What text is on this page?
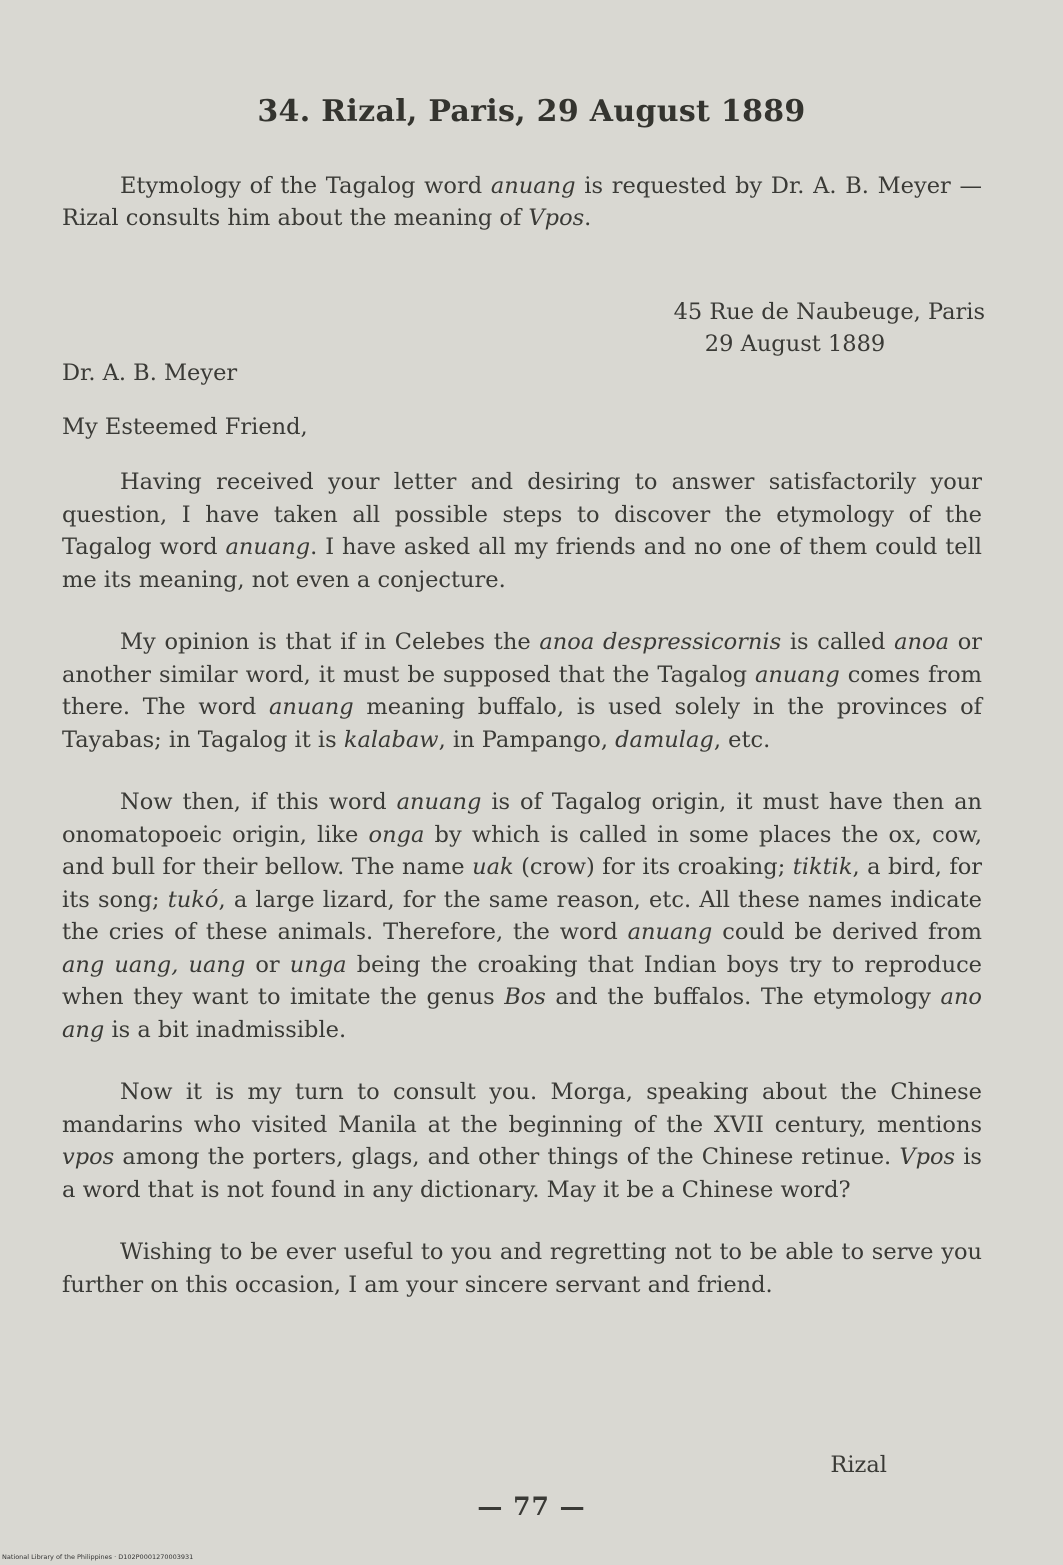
34. Rizal, Paris, 29 August 1889
Etymology of the Tagalog word anuang is requested by Dr. A. B. Meyer — Rizal consults him about the meaning of Vpos.
45 Rue de Naubeuge, Paris
29 August 1889
Dr. A. B. Meyer
My Esteemed Friend,

Having received your letter and desiring to answer satisfactorily your question, I have taken all possible steps to discover the etymology of the Tagalog word anuang. I have asked all my friends and no one of them could tell me its meaning, not even a conjecture.

My opinion is that if in Celebes the anoa despressicornis is called anoa or another similar word, it must be supposed that the Tagalog anuang comes from there. The word anuang meaning buffalo, is used solely in the provinces of Tayabas; in Tagalog it is kalabaw, in Pampango, damulag, etc.

Now then, if this word anuang is of Tagalog origin, it must have then an onomatopoeic origin, like onga by which is called in some places the ox, cow, and bull for their bellow. The name uak (crow) for its croaking; tiktik, a bird, for its song; tukó, a large lizard, for the same reason, etc. All these names indicate the cries of these animals. Therefore, the word anuang could be derived from ang uang, uang or unga being the croaking that Indian boys try to reproduce when they want to imitate the genus Bos and the buffalos. The etymology ano ang is a bit inadmissible.

Now it is my turn to consult you. Morga, speaking about the Chinese mandarins who visited Manila at the beginning of the XVII century, mentions vpos among the porters, glags, and other things of the Chinese retinue. Vpos is a word that is not found in any dictionary. May it be a Chinese word?

Wishing to be ever useful to you and regretting not to be able to serve you further on this occasion, I am your sincere servant and friend.

Rizal
— 77 —
National Library of the Philippines · D102P0001270003931
